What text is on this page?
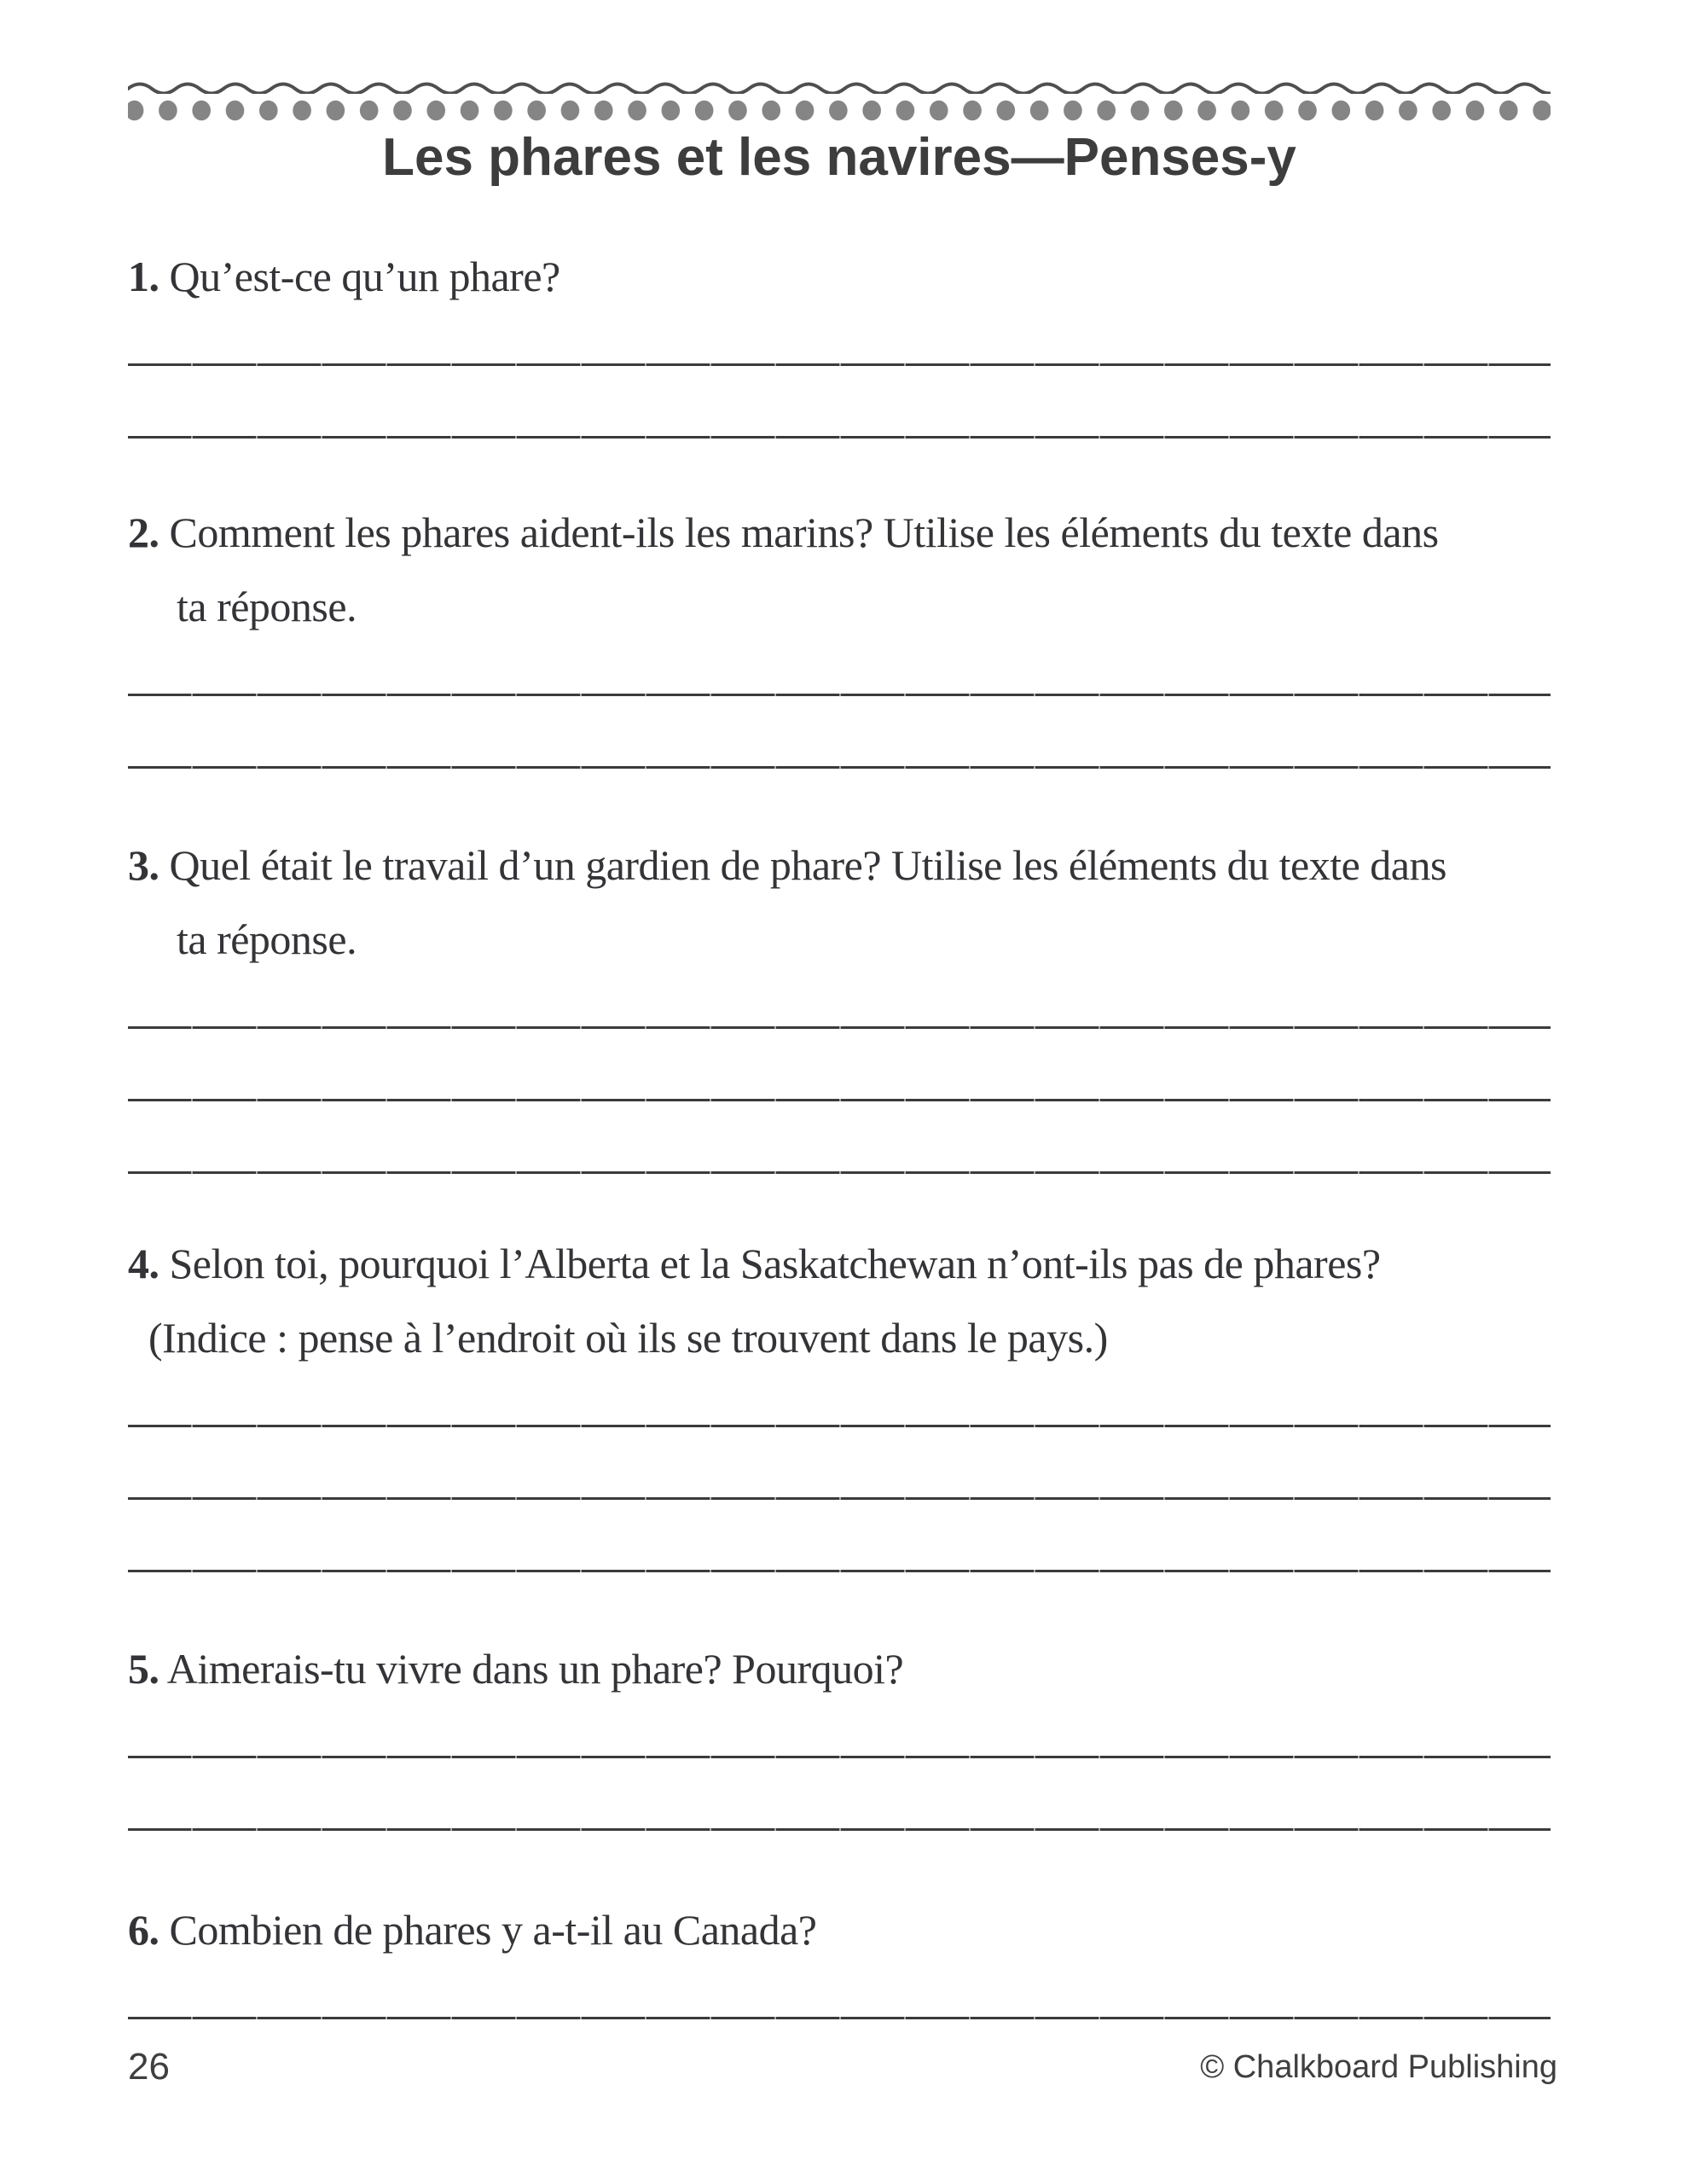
Les phares et les navires—Penses-y
1. Qu’est-ce qu’un phare?
2. Comment les phares aident-ils les marins? Utilise les éléments du texte dans
ta réponse.
3. Quel était le travail d’un gardien de phare? Utilise les éléments du texte dans
ta réponse.
4. Selon toi, pourquoi l’Alberta et la Saskatchewan n’ont-ils pas de phares?
(Indice : pense à l’endroit où ils se trouvent dans le pays.)
5. Aimerais-tu vivre dans un phare? Pourquoi?
6. Combien de phares y a-t-il au Canada?
26	© Chalkboard Publishing
